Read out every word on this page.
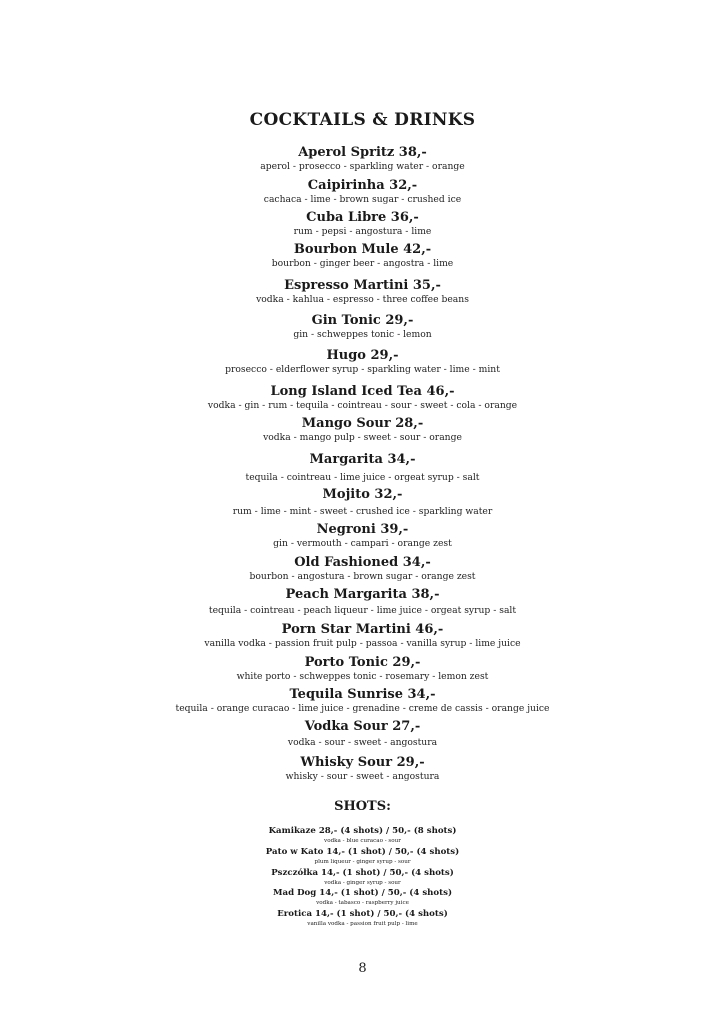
COCKTAILS & DRINKS
Aperol Spritz 38,-
aperol - prosecco - sparkling water - orange
Caipirinha 32,-
cachaca - lime - brown sugar - crushed ice
Cuba Libre 36,-
rum - pepsi - angostura - lime
Bourbon Mule 42,-
bourbon - ginger beer - angostra - lime
Espresso Martini 35,-
vodka - kahlua - espresso - three coffee beans
Gin Tonic 29,-
gin - schweppes tonic - lemon
Hugo 29,-
prosecco - elderflower syrup - sparkling water - lime - mint
Long Island Iced Tea 46,-
vodka - gin - rum - tequila - cointreau - sour - sweet - cola - orange
Mango Sour 28,-
vodka - mango pulp - sweet - sour - orange
Margarita 34,-
tequila - cointreau - lime juice - orgeat syrup - salt
Mojito 32,-
rum - lime - mint - sweet - crushed ice - sparkling water
Negroni 39,-
gin - vermouth - campari - orange zest
Old Fashioned 34,-
bourbon - angostura - brown sugar - orange zest
Peach Margarita 38,-
tequila - cointreau - peach liqueur - lime juice - orgeat syrup - salt
Porn Star Martini 46,-
vanilla vodka - passion fruit pulp - passoa - vanilla syrup - lime juice
Porto Tonic 29,-
white porto - schweppes tonic - rosemary - lemon zest
Tequila Sunrise 34,-
tequila - orange curacao - lime juice - grenadine - creme de cassis - orange juice
Vodka Sour 27,-
vodka - sour - sweet - angostura
Whisky Sour 29,-
whisky - sour - sweet - angostura
SHOTS:
Kamikaze 28,- (4 shots) / 50,- (8 shots)
vodka - blue curacao - sour
Pato w Kato 14,- (1 shot) / 50,- (4 shots)
plum liqueur - ginger syrup - sour
Pszczółka 14,- (1 shot) / 50,- (4 shots)
vodka - ginger syrup - sour
Mad Dog 14,- (1 shot) / 50,- (4 shots)
vodka - tabasco - raspberry juice
Erotica 14,- (1 shot) / 50,- (4 shots)
vanilla vodka - passion fruit pulp - lime
8
